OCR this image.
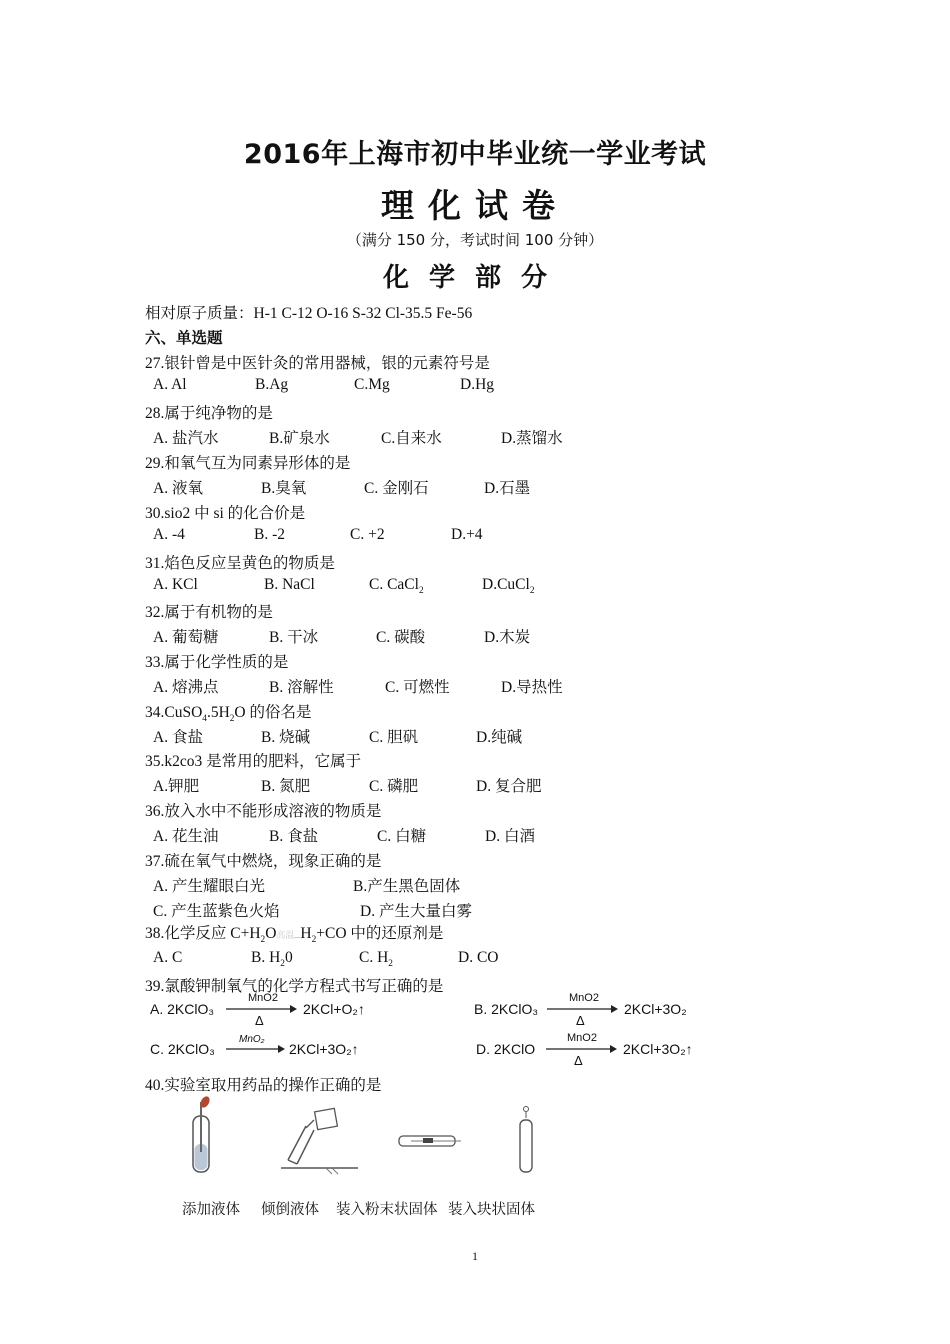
2016年上海市初中毕业统一学业考试
理化试卷
（满分 150 分，考试时间 100 分钟）
化学部分
相对原子质量：H-1 C-12 O-16 S-32 Cl-35.5 Fe-56
六、单选题
27.银针曾是中医针灸的常用器械，银的元素符号是
A. Al	B.Ag	C.Mg	D.Hg
28.属于纯净物的是
A. 盐汽水	B.矿泉水	C.自来水	D.蒸馏水
29.和氧气互为同素异形体的是
A. 液氧	B.臭氧	C. 金刚石	D.石墨
30.sio2 中 si 的化合价是
A. -4	B. -2	C. +2	D.+4
31.焰色反应呈黄色的物质是
A. KCl	B. NaCl	C. CaCl$_2$	D.CuCl$_2$
32.属于有机物的是
A. 葡萄糖	B. 干冰	C. 碳酸	D.木炭
33.属于化学性质的是
A. 熔沸点	B. 溶解性	C. 可燃性	D.导热性
$34.CuSO_4.5H_2O$ 的俗名是
A. 食盐	B. 烧碱	C. 胆矾	D.纯碱
35.k2co3 是常用的肥料，它属于
A.钾肥	B. 氮肥	C. 磷肥	D. 复合肥
36.放入水中不能形成溶液的物质是
A. 花生油	B. 食盐	C. 白糖	D. 白酒
37.硫在氧气中燃烧，现象正确的是
A. 产生耀眼白光	B.产生黑色固体
C. 产生蓝紫色火焰	D. 产生大量白雾
38.化学反应 $C+H_2O$高温 $H_2+CO$ 中的还原剂是
A. C	B. $H_20$	C. $H_2$	D. CO
39.氯酸钾制氧气的化学方程式书写正确的是
A. 2KClO₃
MnO2
Δ
2KCl+O₂↑	B. 2KClO₃
MnO2
Δ
2KCl+3O₂
C. 2KClO₃
MnO₂
2KCl+3O₂↑	D. 2KClO
MnO2
Δ
2KCl+3O₂↑
40.实验室取用药品的操作正确的是
添加液体 倾倒液体 装入粉末状固体 装入块状固体
1
